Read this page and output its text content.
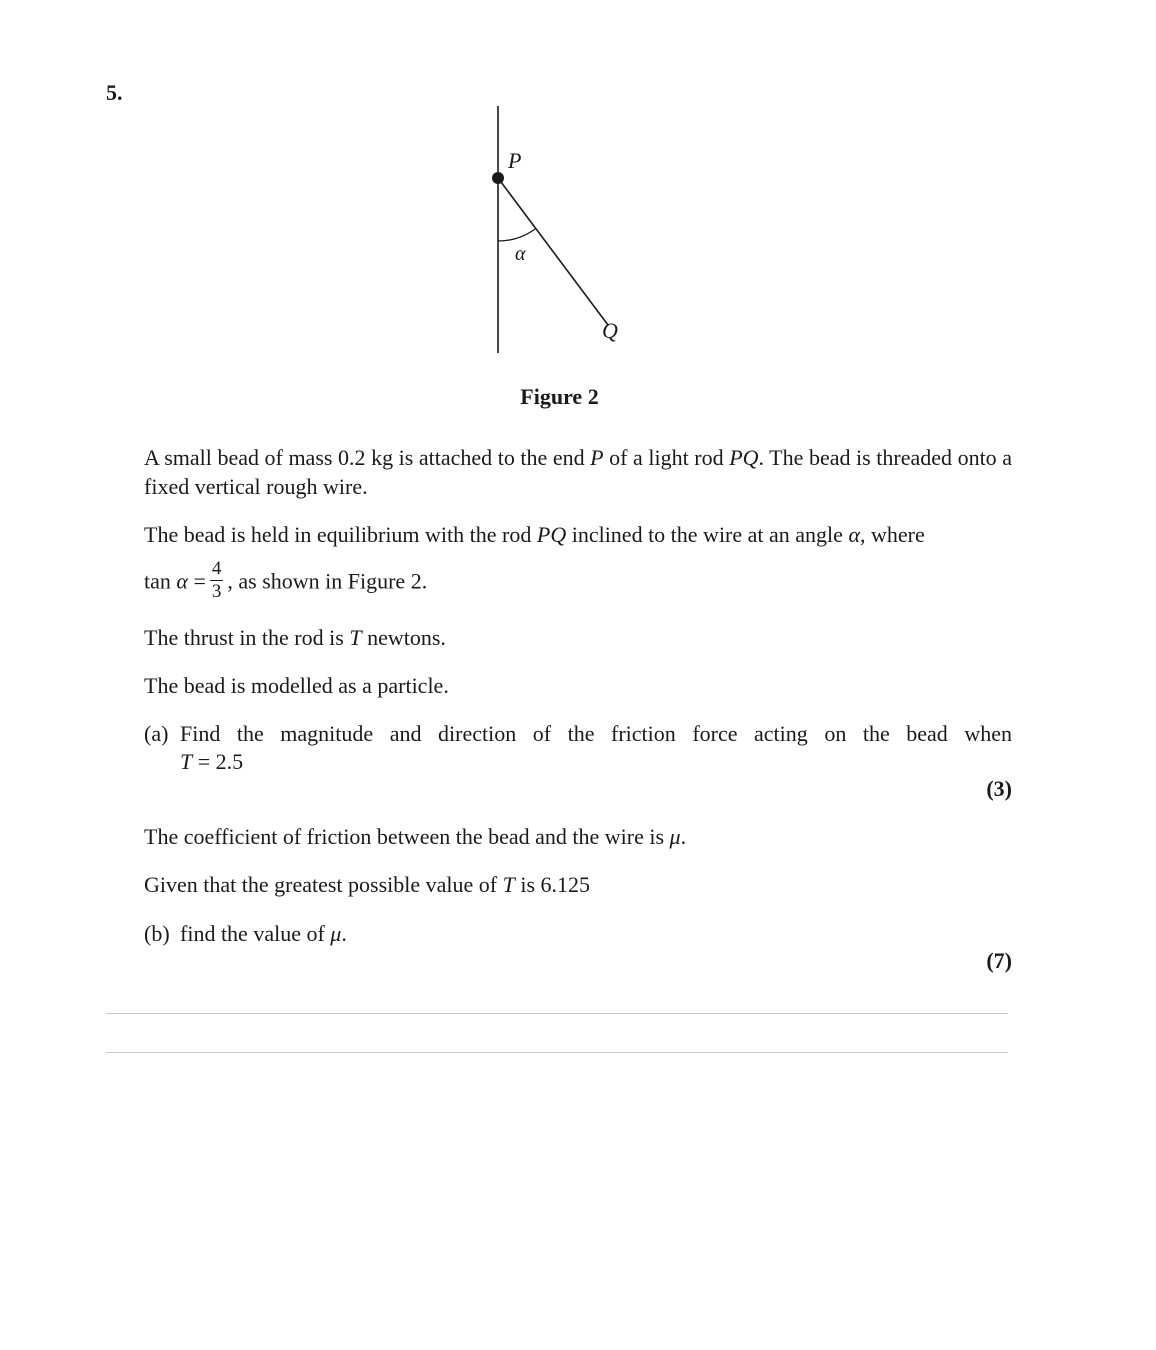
5.
P
α
Q
Figure 2
A small bead of mass 0.2 kg is attached to the end P of a light rod PQ. The bead is threaded onto a fixed vertical rough wire.
The bead is held in equilibrium with the rod PQ inclined to the wire at an angle α, where
$\tan \alpha = \frac{4}{3}$ , as shown in Figure 2.
The thrust in the rod is T newtons.
The bead is modelled as a particle.
(a) Find the magnitude and direction of the friction force acting on the bead when
T = 2.5
(3)
The coefficient of friction between the bead and the wire is μ.
Given that the greatest possible value of T is 6.125
(b) find the value of μ.
(7)
